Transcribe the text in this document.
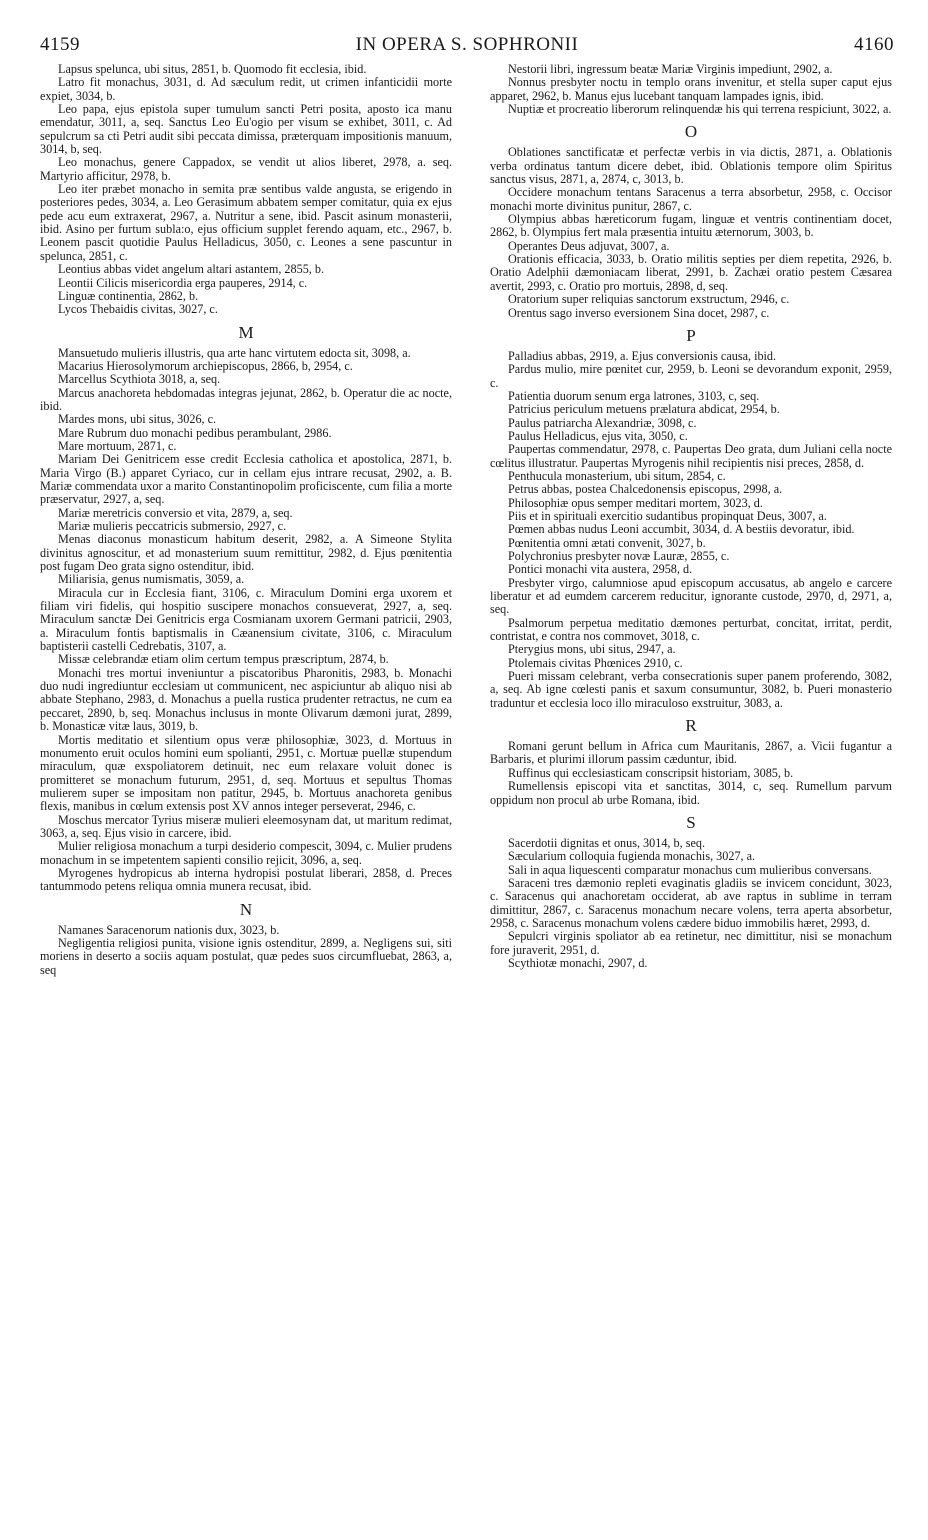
4159	IN OPERA S. SOPHRONII	4160
Lapsus spelunca, ubi situs, 2851, b. Quomodo fit ecclesia, ibid.
Latro fit monachus, 3031, d. Ad sæculum redit, ut crimen infanticidii morte expiet, 3034, b.
Leo papa, ejus epistola super tumulum sancti Petri posita, aposto ica manu emendatur, 3011, a, seq. Sanctus Leo Eu'ogio per visum se exhibet, 3011, c. Ad sepulcrum sa cti Petri audit sibi peccata dimissa, præterquam impositionis manuum, 3014, b, seq.
Leo monachus, genere Cappadox, se vendit ut alios liberet, 2978, a. seq. Martyrio afficitur, 2978, b.
Leo iter præbet monacho in semita præ sentibus valde angusta, se erigendo in posteriores pedes, 3034, a. Leo Gerasimum abbatem semper comitatur, quia ex ejus pede acu eum extraxerat, 2967, a. Nutritur a sene, ibid. Pascit asinum monasterii, ibid. Asino per furtum subla:o, ejus officium supplet ferendo aquam, etc., 2967, b. Leonem pascit quotidie Paulus Helladicus, 3050, c. Leones a sene pascuntur in spelunca, 2851, c.
Leontius abbas videt angelum altari astantem, 2855, b.
Leontii Cilicis misericordia erga pauperes, 2914, c.
Linguæ continentia, 2862, b.
Lycos Thebaidis civitas, 3027, c.
M
Mansuetudo mulieris illustris, qua arte hanc virtutem edocta sit, 3098, a.
Macarius Hierosolymorum archiepiscopus, 2866, b, 2954, c.
Marcellus Scythiota 3018, a, seq.
Marcus anachoreta hebdomadas integras jejunat, 2862, b. Operatur die ac nocte, ibid.
Mardes mons, ubi situs, 3026, c.
Mare Rubrum duo monachi pedibus perambulant, 2986.
Mare mortuum, 2871, c.
Mariam Dei Genitricem esse credit Ecclesia catholica et apostolica, 2871, b. Maria Virgo (B.) apparet Cyriaco, cur in cellam ejus intrare recusat, 2902, a. B. Mariæ commendata uxor a marito Constantinopolim proficiscente, cum filia a morte præservatur, 2927, a, seq.
Mariæ meretricis conversio et vita, 2879, a, seq.
Mariæ mulieris peccatricis submersio, 2927, c.
Menas diaconus monasticum habitum deserit, 2982, a. A Simeone Stylita divinitus agnoscitur, et ad monasterium suum remittitur, 2982, d. Ejus pœnitentia post fugam Deo grata signo ostenditur, ibid.
Miliarisia, genus numismatis, 3059, a.
Miracula cur in Ecclesia fiant, 3106, c. Miraculum Domini erga uxorem et filiam viri fidelis, qui hospitio suscipere monachos consueverat, 2927, a, seq. Miraculum sanctæ Dei Genitricis erga Cosmianam uxorem Germani patricii, 2903, a. Miraculum fontis baptismalis in Cæanensium civitate, 3106, c. Miraculum baptisterii castelli Cedrebatis, 3107, a.
Missæ celebrandæ etiam olim certum tempus præscriptum, 2874, b.
Monachi tres mortui inveniuntur a piscatoribus Pharonitis, 2983, b. Monachi duo nudi ingrediuntur ecclesiam ut communicent, nec aspiciuntur ab aliquo nisi ab abbate Stephano, 2983, d. Monachus a puella rustica prudenter retractus, ne cum ea peccaret, 2890, b, seq. Monachus inclusus in monte Olivarum dæmoni jurat, 2899, b. Monasticæ vitæ laus, 3019, b.
Mortis meditatio et silentium opus veræ philosophiæ, 3023, d. Mortuus in monumento eruit oculos homini eum spolianti, 2951, c. Mortuæ puellæ stupendum miraculum, quæ exspoliatorem detinuit, nec eum relaxare voluit donec is promitteret se monachum futurum, 2951, d, seq. Mortuus et sepultus Thomas mulierem super se impositam non patitur, 2945, b. Mortuus anachoreta genibus flexis, manibus in cœlum extensis post XV annos integer perseverat, 2946, c.
Moschus mercator Tyrius miseræ mulieri eleemosynam dat, ut maritum redimat, 3063, a, seq. Ejus visio in carcere, ibid.
Mulier religiosa monachum a turpi desiderio compescit, 3094, c. Mulier prudens monachum in se impetentem sapienti consilio rejicit, 3096, a, seq.
Myrogenes hydropicus ab interna hydropisi postulat liberari, 2858, d. Preces tantummodo petens reliqua omnia munera recusat, ibid.
N
Namanes Saracenorum nationis dux, 3023, b.
Negligentia religiosi punita, visione ignis ostenditur, 2899, a. Negligens sui, siti moriens in deserto a sociis aquam postulat, quæ pedes suos circumfluebat, 2863, a, seq
Nestorii libri, ingressum beatæ Mariæ Virginis impediunt, 2902, a.
Nonnus presbyter noctu in templo orans invenitur, et stella super caput ejus apparet, 2962, b. Manus ejus lucebant tanquam lampades ignis, ibid.
Nuptiæ et procreatio liberorum relinquendæ his qui terrena respiciunt, 3022, a.
O
Oblationes sanctificatæ et perfectæ verbis in via dictis, 2871, a. Oblationis verba ordinatus tantum dicere debet, ibid. Oblationis tempore olim Spiritus sanctus visus, 2871, a, 2874, c, 3013, b.
Occidere monachum tentans Saracenus a terra absorbetur, 2958, c. Occisor monachi morte divinitus punitur, 2867, c.
Olympius abbas hæreticorum fugam, linguæ et ventris continentiam docet, 2862, b. Olympius fert mala præsentia intuitu æternorum, 3003, b.
Operantes Deus adjuvat, 3007, a.
Orationis efficacia, 3033, b. Oratio militis septies per diem repetita, 2926, b. Oratio Adelphii dæmoniacam liberat, 2991, b. Zachæi oratio pestem Cæsarea avertit, 2993, c. Oratio pro mortuis, 2898, d, seq.
Oratorium super reliquias sanctorum exstructum, 2946, c.
Orentus sago inverso eversionem Sina docet, 2987, c.
P
Palladius abbas, 2919, a. Ejus conversionis causa, ibid.
Pardus mulio, mire pœnitet cur, 2959, b. Leoni se devorandum exponit, 2959, c.
Patientia duorum senum erga latrones, 3103, c, seq.
Patricius periculum metuens prælatura abdicat, 2954, b.
Paulus patriarcha Alexandriæ, 3098, c.
Paulus Helladicus, ejus vita, 3050, c.
Paupertas commendatur, 2978, c. Paupertas Deo grata, dum Juliani cella nocte cœlitus illustratur. Paupertas Myrogenis nihil recipientis nisi preces, 2858, d.
Penthucula monasterium, ubi situm, 2854, c.
Petrus abbas, postea Chalcedonensis episcopus, 2998, a.
Philosophiæ opus semper meditari mortem, 3023, d.
Piis et in spirituali exercitio sudantibus propinquat Deus, 3007, a.
Pœmen abbas nudus Leoni accumbit, 3034, d. A bestiis devoratur, ibid.
Pœnitentia omni ætati convenit, 3027, b.
Polychronius presbyter novæ Lauræ, 2855, c.
Pontici monachi vita austera, 2958, d.
Presbyter virgo, calumniose apud episcopum accusatus, ab angelo e carcere liberatur et ad eumdem carcerem reducitur, ignorante custode, 2970, d, 2971, a, seq.
Psalmorum perpetua meditatio dæmones perturbat, concitat, irritat, perdit, contristat, e contra nos commovet, 3018, c.
Pterygius mons, ubi situs, 2947, a.
Ptolemais civitas Phœnices 2910, c.
Pueri missam celebrant, verba consecrationis super panem proferendo, 3082, a, seq. Ab igne cœlesti panis et saxum consumuntur, 3082, b. Pueri monasterio traduntur et ecclesia loco illo miraculoso exstruitur, 3083, a.
R
Romani gerunt bellum in Africa cum Mauritanis, 2867, a. Vicii fugantur a Barbaris, et plurimi illorum passim cæduntur, ibid.
Ruffinus qui ecclesiasticam conscripsit historiam, 3085, b.
Rumellensis episcopi vita et sanctitas, 3014, c, seq. Rumellum parvum oppidum non procul ab urbe Romana, ibid.
S
Sacerdotii dignitas et onus, 3014, b, seq.
Sæcularium colloquia fugienda monachis, 3027, a.
Sali in aqua liquescenti comparatur monachus cum mulieribus conversans.
Saraceni tres dæmonio repleti evaginatis gladiis se invicem concidunt, 3023, c. Saracenus qui anachoretam occiderat, ab ave raptus in sublime in terram dimittitur, 2867, c. Saracenus monachum necare volens, terra aperta absorbetur, 2958, c. Saracenus monachum volens cædere biduo immobilis hæret, 2993, d.
Sepulcri virginis spoliator ab ea retinetur, nec dimittitur, nisi se monachum fore juraverit, 2951, d.
Scythiotæ monachi, 2907, d.
